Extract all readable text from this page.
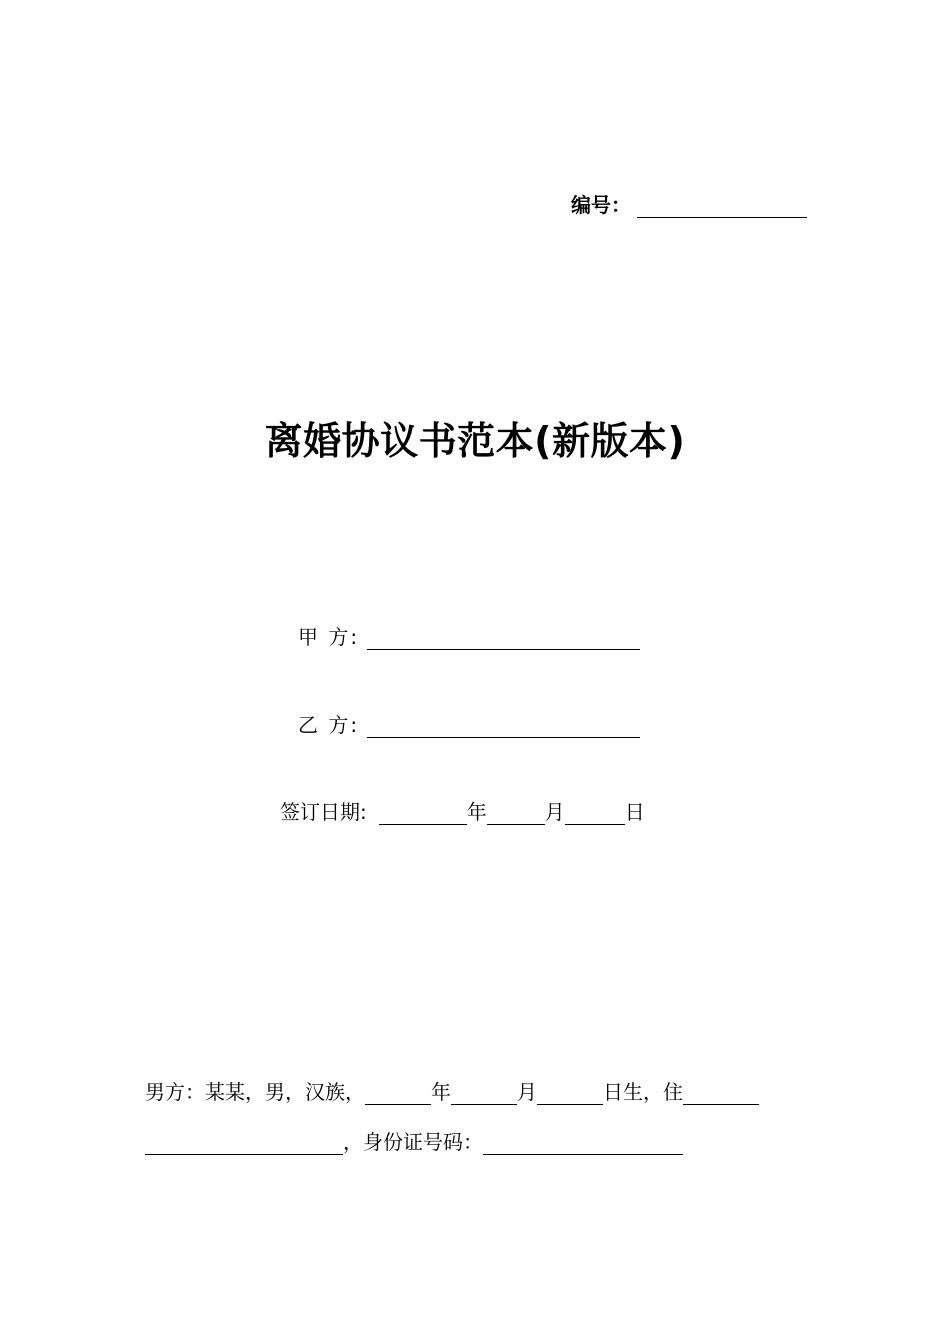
编号：
离婚协议书范本(新版本)
甲 方:
乙 方:
签订日期:	年	月	日
男方：某某，男，汉族，	年	月	日生，住
，身份证号码：
